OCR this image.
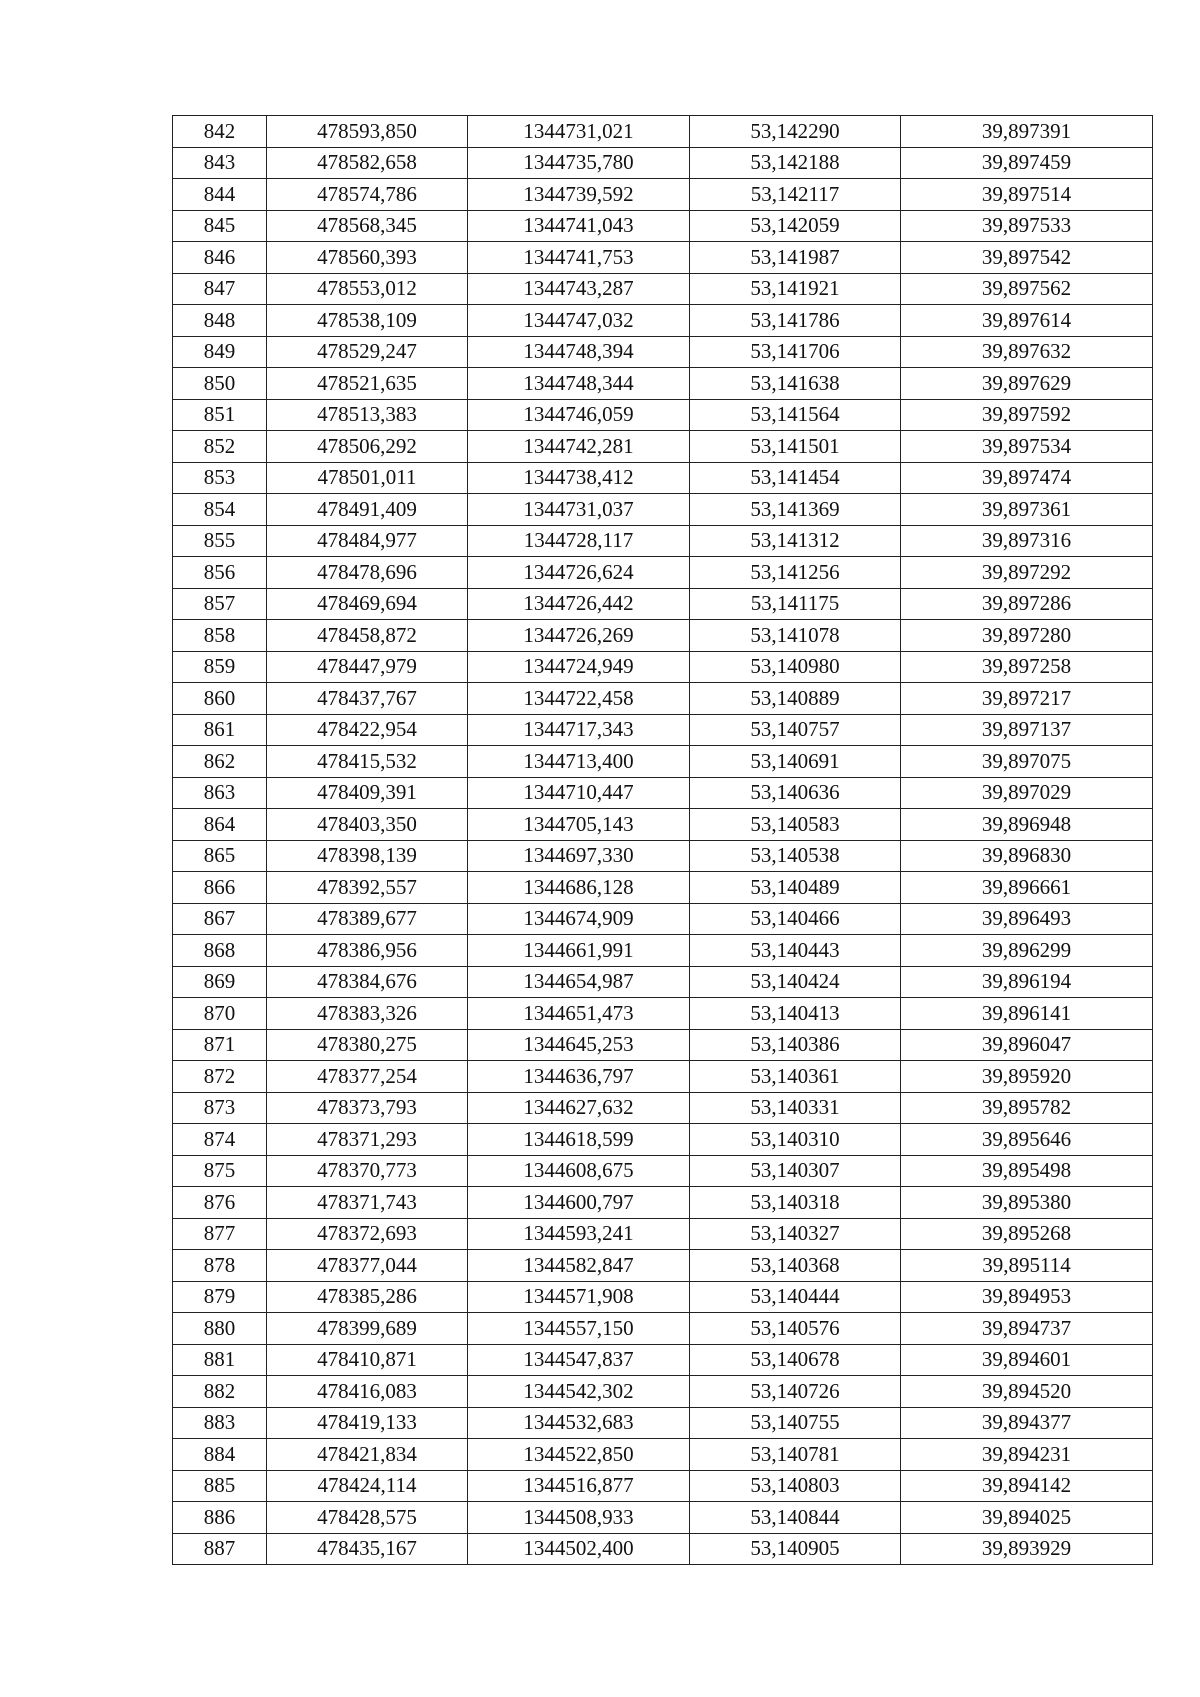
842	478593,850	1344731,021	53,142290	39,897391
843	478582,658	1344735,780	53,142188	39,897459
844	478574,786	1344739,592	53,142117	39,897514
845	478568,345	1344741,043	53,142059	39,897533
846	478560,393	1344741,753	53,141987	39,897542
847	478553,012	1344743,287	53,141921	39,897562
848	478538,109	1344747,032	53,141786	39,897614
849	478529,247	1344748,394	53,141706	39,897632
850	478521,635	1344748,344	53,141638	39,897629
851	478513,383	1344746,059	53,141564	39,897592
852	478506,292	1344742,281	53,141501	39,897534
853	478501,011	1344738,412	53,141454	39,897474
854	478491,409	1344731,037	53,141369	39,897361
855	478484,977	1344728,117	53,141312	39,897316
856	478478,696	1344726,624	53,141256	39,897292
857	478469,694	1344726,442	53,141175	39,897286
858	478458,872	1344726,269	53,141078	39,897280
859	478447,979	1344724,949	53,140980	39,897258
860	478437,767	1344722,458	53,140889	39,897217
861	478422,954	1344717,343	53,140757	39,897137
862	478415,532	1344713,400	53,140691	39,897075
863	478409,391	1344710,447	53,140636	39,897029
864	478403,350	1344705,143	53,140583	39,896948
865	478398,139	1344697,330	53,140538	39,896830
866	478392,557	1344686,128	53,140489	39,896661
867	478389,677	1344674,909	53,140466	39,896493
868	478386,956	1344661,991	53,140443	39,896299
869	478384,676	1344654,987	53,140424	39,896194
870	478383,326	1344651,473	53,140413	39,896141
871	478380,275	1344645,253	53,140386	39,896047
872	478377,254	1344636,797	53,140361	39,895920
873	478373,793	1344627,632	53,140331	39,895782
874	478371,293	1344618,599	53,140310	39,895646
875	478370,773	1344608,675	53,140307	39,895498
876	478371,743	1344600,797	53,140318	39,895380
877	478372,693	1344593,241	53,140327	39,895268
878	478377,044	1344582,847	53,140368	39,895114
879	478385,286	1344571,908	53,140444	39,894953
880	478399,689	1344557,150	53,140576	39,894737
881	478410,871	1344547,837	53,140678	39,894601
882	478416,083	1344542,302	53,140726	39,894520
883	478419,133	1344532,683	53,140755	39,894377
884	478421,834	1344522,850	53,140781	39,894231
885	478424,114	1344516,877	53,140803	39,894142
886	478428,575	1344508,933	53,140844	39,894025
887	478435,167	1344502,400	53,140905	39,893929
